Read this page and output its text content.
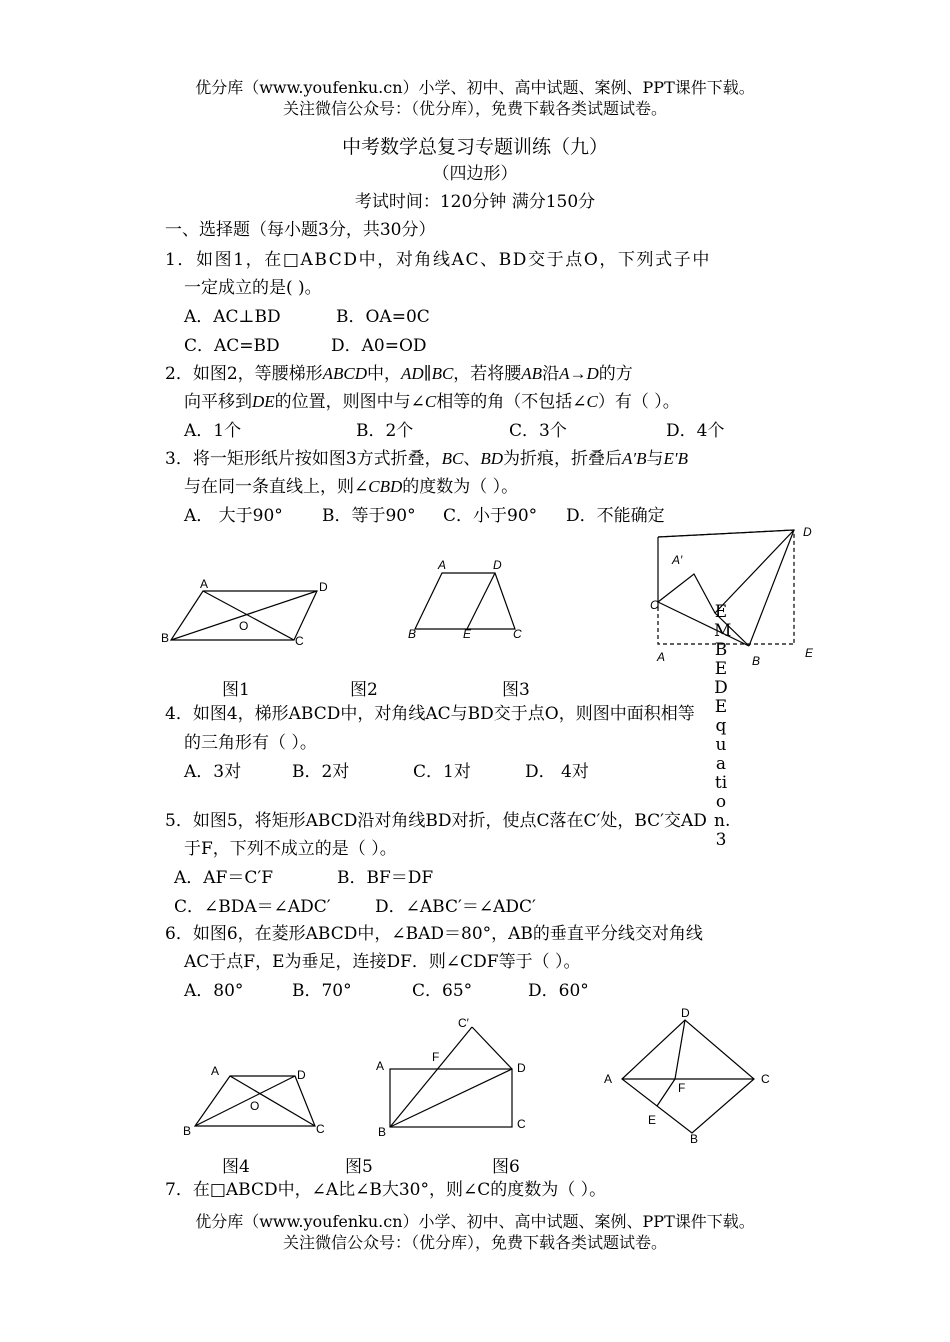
优分库（www.youfenku.cn）小学、初中、高中试题、案例、PPT课件下载。
关注微信公众号：（优分库），免费下载各类试题试卷。
中考数学总复习专题训练（九）
（四边形）
考试时间：120分钟 满分150分
一、选择题（每小题3分，共30分）
1．如图1，在□ABCD中，对角线AC、BD交于点O，下列式子中
一定成立的是( )。
A．AC⊥BD	B．OA=0C
C．AC=BD	D．A0=OD
2．如图2，等腰梯形ABCD中，AD∥BC，若将腰AB沿A→D的方
向平移到DE的位置，则图中与∠C相等的角（不包括∠C）有（ ）。
A．1个	B．2个	C．3个	D．4个
3．将一矩形纸片按如图3方式折叠，BC、BD为折痕，折叠后A′B与E′B
与在同一条直线上，则∠CBD的度数为（ ）。
A． 大于90° B．等于90° C．小于90° D．不能确定
A	D
B	C
O
图1
A	D
B	E	C
图2
A′
C
D
A	B
E
图3
EMBEDEquation.3
4．如图4，梯形ABCD中，对角线AC与BD交于点O，则图中面积相等
的三角形有（ ）。
A．3对	B．2对	C．1对	D． 4对
5．如图5，将矩形ABCD沿对角线BD对折，使点C落在C′处，BC′交AD
于F，下列不成立的是（ ）。
A．AF＝C′F	B．BF＝DF
C．∠BDA＝∠ADC′	D．∠ABC′＝∠ADC′
6．如图6，在菱形ABCD中，∠BAD＝80°，AB的垂直平分线交对角线
AC于点F，E为垂足，连接DF．则∠CDF等于（ ）。
A．80°	B．70°	C．65°	D．60°
A	D
B	C
O
图4
A	D
B
C
F
C′
图5
D
A	C
F
E
B
图6
7．在□ABCD中，∠A比∠B大30°，则∠C的度数为（ ）。
优分库（www.youfenku.cn）小学、初中、高中试题、案例、PPT课件下载。
关注微信公众号：（优分库），免费下载各类试题试卷。
